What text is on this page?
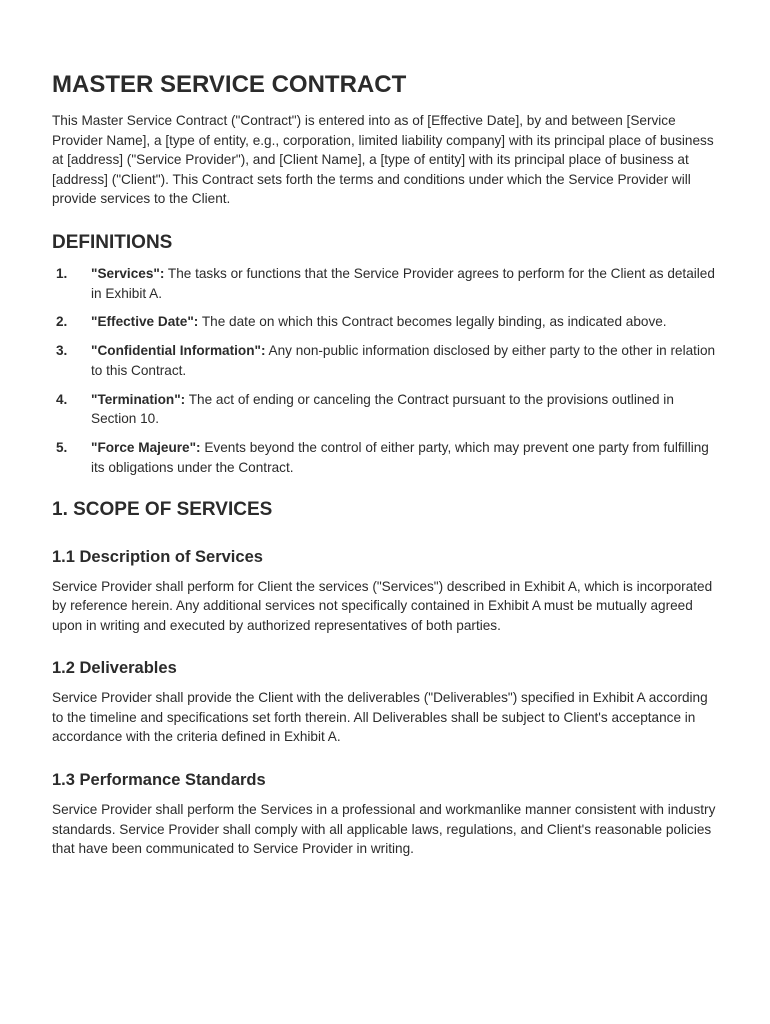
MASTER SERVICE CONTRACT

This Master Service Contract ("Contract") is entered into as of [Effective Date], by and between [Service Provider Name], a [type of entity, e.g., corporation, limited liability company] with its principal place of business at [address] ("Service Provider"), and [Client Name], a [type of entity] with its principal place of business at [address] ("Client"). This Contract sets forth the terms and conditions under which the Service Provider will provide services to the Client.

DEFINITIONS
1. "Services": The tasks or functions that the Service Provider agrees to perform for the Client as detailed in Exhibit A.
2. "Effective Date": The date on which this Contract becomes legally binding, as indicated above.
3. "Confidential Information": Any non-public information disclosed by either party to the other in relation to this Contract.
4. "Termination": The act of ending or canceling the Contract pursuant to the provisions outlined in Section 10.
5. "Force Majeure": Events beyond the control of either party, which may prevent one party from fulfilling its obligations under the Contract.
1. SCOPE OF SERVICES
1.1 Description of Services

Service Provider shall perform for Client the services ("Services") described in Exhibit A, which is incorporated by reference herein. Any additional services not specifically contained in Exhibit A must be mutually agreed upon in writing and executed by authorized representatives of both parties.

1.2 Deliverables

Service Provider shall provide the Client with the deliverables ("Deliverables") specified in Exhibit A according to the timeline and specifications set forth therein. All Deliverables shall be subject to Client's acceptance in accordance with the criteria defined in Exhibit A.

1.3 Performance Standards

Service Provider shall perform the Services in a professional and workmanlike manner consistent with industry standards. Service Provider shall comply with all applicable laws, regulations, and Client's reasonable policies that have been communicated to Service Provider in writing.
